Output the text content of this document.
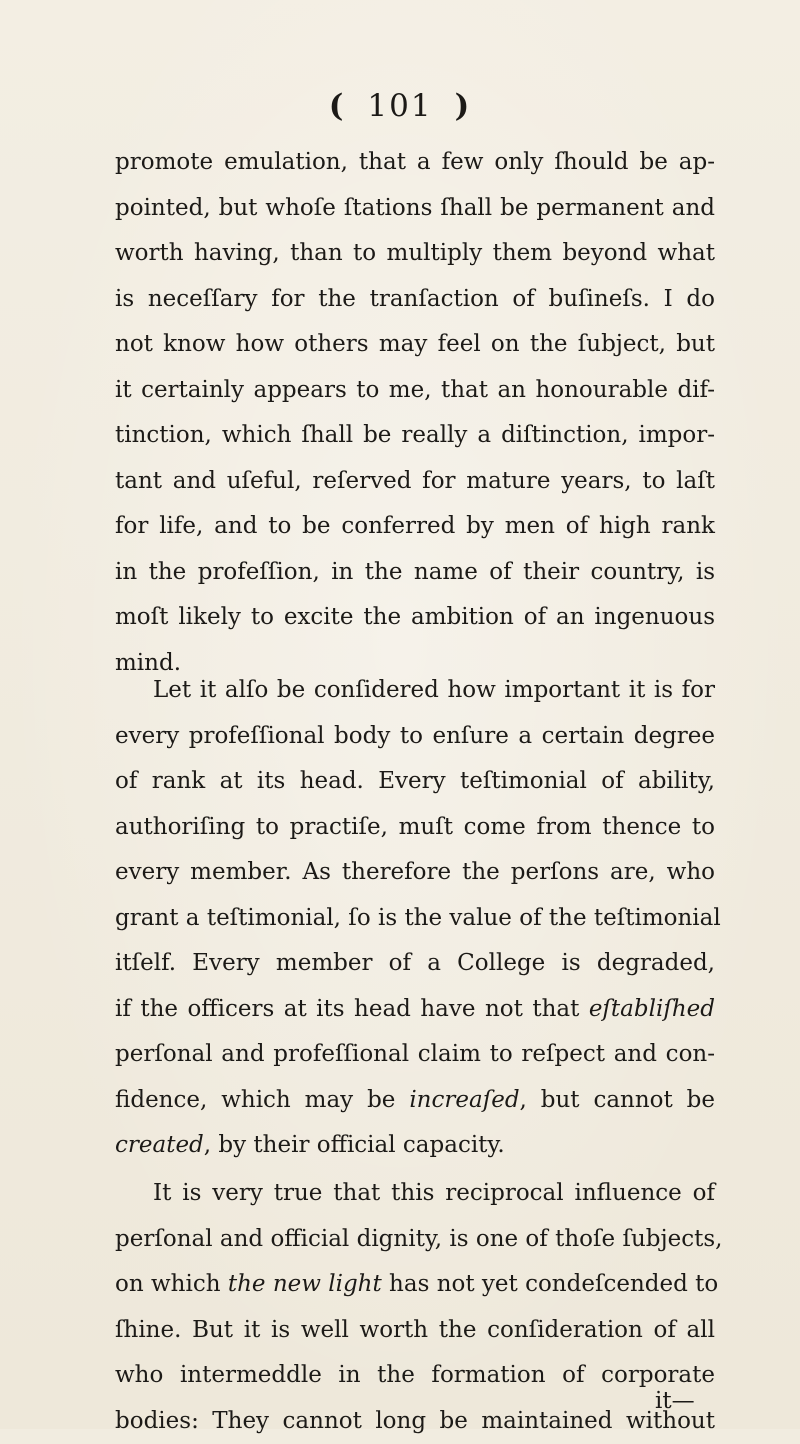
( 101 )
promote emulation, that a few only ſhould be ap-
pointed, but whoſe ſtations ſhall be permanent and
worth having, than to multiply them beyond what
is neceſſary for the tranſaction of buſineſs. I do
not know how others may feel on the ſubject, but
it certainly appears to me, that an honourable dif-
tinction, which ſhall be really a diſtinction, impor-
tant and uſeful, reſerved for mature years, to laſt
for life, and to be conferred by men of high rank
in the profeſſion, in the name of their country, is
moſt likely to excite the ambition of an ingenuous
mind.
Let it alſo be conſidered how important it is for
every profeſſional body to enſure a certain degree
of rank at its head. Every teſtimonial of ability,
authoriſing to practiſe, muſt come from thence to
every member. As therefore the perſons are, who
grant a teſtimonial, ſo is the value of the teſtimonial
itſelf. Every member of a College is degraded,
if the officers at its head have not that eſtabliſhed
perſonal and profeſſional claim to reſpect and con-
fidence, which may be increaſed, but cannot be
created, by their official capacity.
It is very true that this reciprocal influence of
perſonal and official dignity, is one of thoſe ſubjects,
on which the new light has not yet condeſcended to
ſhine. But it is well worth the conſideration of all
who intermeddle in the formation of corporate
bodies: They cannot long be maintained without
it—
